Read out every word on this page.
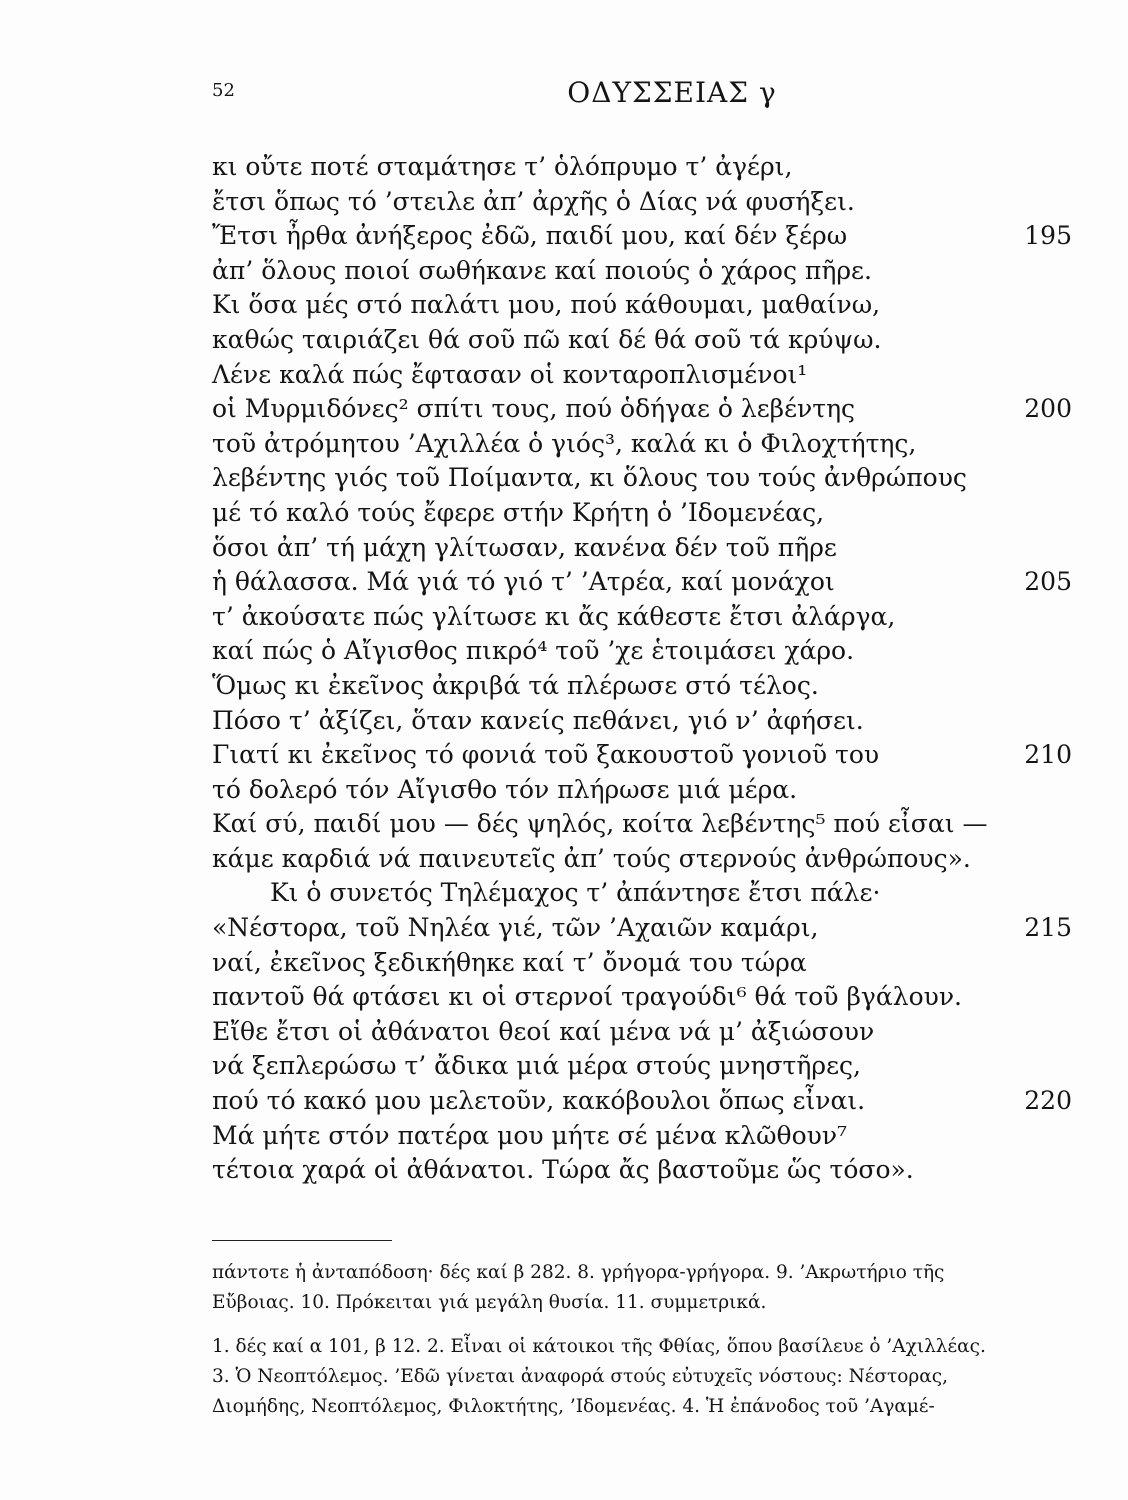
52	ΟΔΥΣΣΕΙΑΣ γ
κι οὔτε ποτέ σταμάτησε τ’ ὁλόπρυμο τ’ ἀγέρι,
ἔτσι ὅπως τό ’στειλε ἀπ’ ἀρχῆς ὁ Δίας νά φυσήξει.
Ἔτσι ἦρθα ἀνήξερος ἐδῶ, παιδί μου, καί δέν ξέρω	195
ἀπ’ ὅλους ποιοί σωθήκανε καί ποιούς ὁ χάρος πῆρε.
Κι ὅσα μές στό παλάτι μου, πού κάθουμαι, μαθαίνω,
καθώς ταιριάζει θά σοῦ πῶ καί δέ θά σοῦ τά κρύψω.
Λένε καλά πώς ἔφτασαν οἱ κονταροπλισμένοι¹
οἱ Μυρμιδόνες² σπίτι τους, πού ὁδήγαε ὁ λεβέντης	200
τοῦ ἀτρόμητου ’Αχιλλέα ὁ γιός³, καλά κι ὁ Φιλοχτήτης,
λεβέντης γιός τοῦ Ποίμαντα, κι ὅλους του τούς ἀνθρώπους
μέ τό καλό τούς ἔφερε στήν Κρήτη ὁ ’Ιδομενέας,
ὅσοι ἀπ’ τή μάχη γλίτωσαν, κανένα δέν τοῦ πῆρε
ἡ θάλασσα. Μά γιά τό γιό τ’ ’Ατρέα, καί μονάχοι	205
τ’ ἀκούσατε πώς γλίτωσε κι ἄς κάθεστε ἔτσι ἀλάργα,
καί πώς ὁ Αἴγισθος πικρό⁴ τοῦ ’χε ἑτοιμάσει χάρο.
Ὅμως κι ἐκεῖνος ἀκριβά τά πλέρωσε στό τέλος.
Πόσο τ’ ἀξίζει, ὅταν κανείς πεθάνει, γιό ν’ ἀφήσει.
Γιατί κι ἐκεῖνος τό φονιά τοῦ ξακουστοῦ γονιοῦ του	210
τό δολερό τόν Αἴγισθο τόν πλήρωσε μιά μέρα.
Καί σύ, παιδί μου — δές ψηλός, κοίτα λεβέντης⁵ πού εἶσαι —
κάμε καρδιά νά παινευτεῖς ἀπ’ τούς στερνούς ἀνθρώπους».
Κι ὁ συνετός Τηλέμαχος τ’ ἀπάντησε ἔτσι πάλε·
«Νέστορα, τοῦ Νηλέα γιέ, τῶν ’Αχαιῶν καμάρι,	215
ναί, ἐκεῖνος ξεδικήθηκε καί τ’ ὄνομά του τώρα
παντοῦ θά φτάσει κι οἱ στερνοί τραγούδι⁶ θά τοῦ βγάλουν.
Εἴθε ἔτσι οἱ ἀθάνατοι θεοί καί μένα νά μ’ ἀξιώσουν
νά ξεπλερώσω τ’ ἄδικα μιά μέρα στούς μνηστῆρες,
πού τό κακό μου μελετοῦν, κακόβουλοι ὅπως εἶναι.	220
Μά μήτε στόν πατέρα μου μήτε σέ μένα κλῶθουν⁷
τέτοια χαρά οἱ ἀθάνατοι. Τώρα ἄς βαστοῦμε ὥς τόσο».
πάντοτε ἡ ἀνταπόδοση· δές καί β 282. 8. γρήγορα-γρήγορα. 9. ’Ακρωτήριο τῆς
Εὔβοιας. 10. Πρόκειται γιά μεγάλη θυσία. 11. συμμετρικά.
1. δές καί α 101, β 12. 2. Εἶναι οἱ κάτοικοι τῆς Φθίας, ὅπου βασίλευε ὁ ’Αχιλλέας.
3. Ὁ Νεοπτόλεμος. ’Εδῶ γίνεται ἀναφορά στούς εὐτυχεῖς νόστους: Νέστορας,
Διομήδης, Νεοπτόλεμος, Φιλοκτήτης, ’Ιδομενέας. 4. Ἡ ἐπάνοδος τοῦ ’Αγαμέ-
